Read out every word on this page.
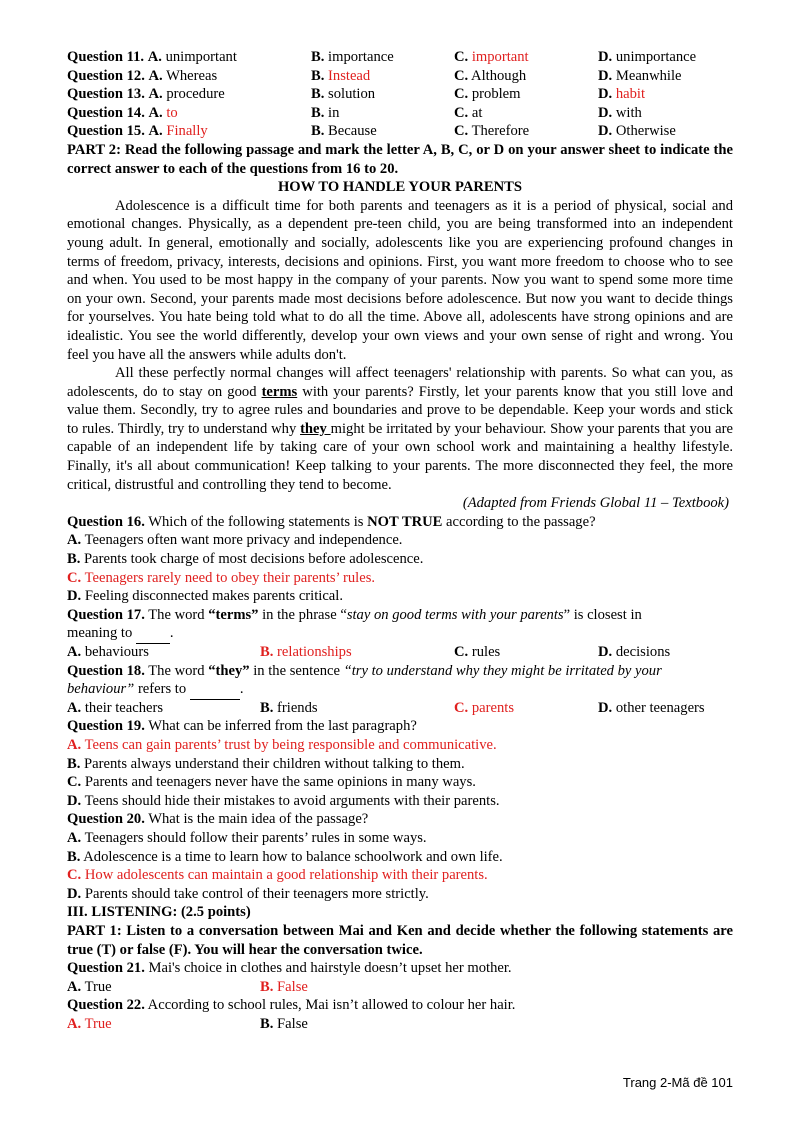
Question 11. A. unimportant	B. importance	C. important	D. unimportance
Question 12. A. Whereas	B. Instead	C. Although	D. Meanwhile
Question 13. A. procedure	B. solution	C. problem	D. habit
Question 14. A. to	B. in	C. at	D. with
Question 15. A. Finally	B. Because	C. Therefore	D. Otherwise
PART 2: Read the following passage and mark the letter A, B, C, or D on your answer sheet to indicate the correct answer to each of the questions from 16 to 20.
HOW TO HANDLE YOUR PARENTS

Adolescence is a difficult time for both parents and teenagers as it is a period of physical, social and emotional changes. Physically, as a dependent pre-teen child, you are being transformed into an independent young adult. In general, emotionally and socially, adolescents like you are experiencing profound changes in terms of freedom, privacy, interests, decisions and opinions. First, you want more freedom to choose who to see and when. You used to be most happy in the company of your parents. Now you want to spend some more time on your own. Second, your parents made most decisions before adolescence. But now you want to decide things for yourselves. You hate being told what to do all the time. Above all, adolescents have strong opinions and are idealistic. You see the world differently, develop your own views and your own sense of right and wrong. You feel you have all the answers while adults don't.

All these perfectly normal changes will affect teenagers' relationship with parents. So what can you, as adolescents, do to stay on good terms with your parents? Firstly, let your parents know that you still love and value them. Secondly, try to agree rules and boundaries and prove to be dependable. Keep your words and stick to rules. Thirdly, try to understand why they might be irritated by your behaviour. Show your parents that you are capable of an independent life by taking care of your own school work and maintaining a healthy lifestyle. Finally, it's all about communication! Keep talking to your parents. The more disconnected they feel, the more critical, distrustful and controlling they tend to become.

(Adapted from Friends Global 11 – Textbook)
Question 16. Which of the following statements is NOT TRUE according to the passage?
A. Teenagers often want more privacy and independence.
B. Parents took charge of most decisions before adolescence.
C. Teenagers rarely need to obey their parents’ rules.
D. Feeling disconnected makes parents critical.
Question 17. The word “terms” in the phrase “stay on good terms with your parents” is closest in
meaning to  .
A. behaviours	B. relationships	C. rules	D. decisions
Question 18. The word “they” in the sentence “try to understand why they might be irritated by your
behaviour” refers to	.
A. their teachers	B. friends	C. parents	D. other teenagers
Question 19. What can be inferred from the last paragraph?
A. Teens can gain parents’ trust by being responsible and communicative.
B. Parents always understand their children without talking to them.
C. Parents and teenagers never have the same opinions in many ways.
D. Teens should hide their mistakes to avoid arguments with their parents.
Question 20. What is the main idea of the passage?
A. Teenagers should follow their parents’ rules in some ways.
B. Adolescence is a time to learn how to balance schoolwork and own life.
C. How adolescents can maintain a good relationship with their parents.
D. Parents should take control of their teenagers more strictly.
III. LISTENING: (2.5 points)
PART 1: Listen to a conversation between Mai and Ken and decide whether the following statements are true (T) or false (F). You will hear the conversation twice.
Question 21. Mai's choice in clothes and hairstyle doesn’t upset her mother.
A. True	B. False
Question 22. According to school rules, Mai isn’t allowed to colour her hair.
A. True	B. False
Trang 2-Mã đề 101
